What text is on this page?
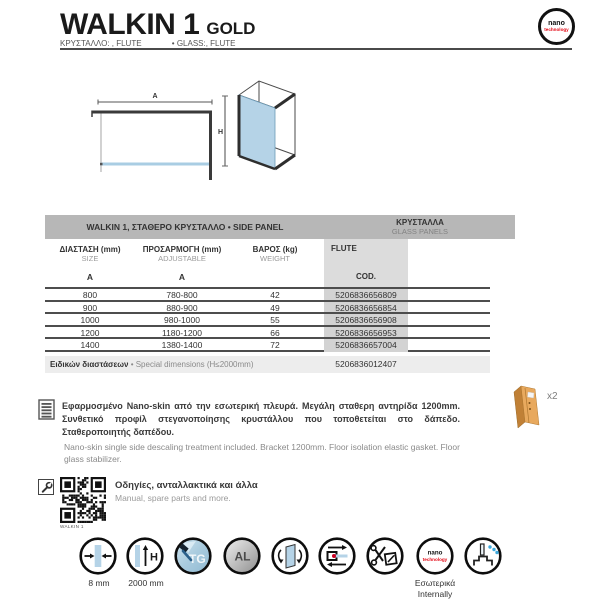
WALKIN 1 GOLD
ΚΡΥΣΤΑΛΛΟ: , FLUTE	• GLASS:, FLUTE
nano
technology
A
H
WALKIN 1, ΣΤΑΘΕΡΟ ΚΡΥΣΤΑΛΛΟ • SIDE PANEL	ΚΡΥΣΤΑΛΛΑ
GLASS PANELS
ΔΙΑΣΤΑΣΗ (mm)
SIZE
ΠΡΟΣΑΡΜΟΓΗ (mm)
ADJUSTABLE
ΒΑΡΟΣ (kg)
WEIGHT
FLUTE
A	A	COD.
800	780-800	42	5206836656809
900	880-900	49	5206836656854
1000	980-1000	55	5206836656908
1200	1180-1200	66	5206836656953
1400	1380-1400	72	5206836657004
Ειδικών διαστάσεων • Special dimensions (H≤2000mm)	5206836012407
x2

Εφαρμοσμένο Nano-skin από την εσωτερική πλευρά. Μεγάλη σταθερη αντηρίδα 1200mm. Συνθετικό προφίλ στεγανοποίησης κρυστάλλου που τοποθετείται στο δάπεδο. Σταθεροποιητής δαπέδου.

Nano-skin single side descaling treatment included. Bracket 1200mm. Floor isolation elastic gasket. Floor glass stabilizer.

WALKIN 1
Οδηγίες, ανταλλακτικά και άλλα
Manual, spare parts and more.
8 mm
H
2000 mm
TG AL	nano
technology
Εσωτερικά
Internally
